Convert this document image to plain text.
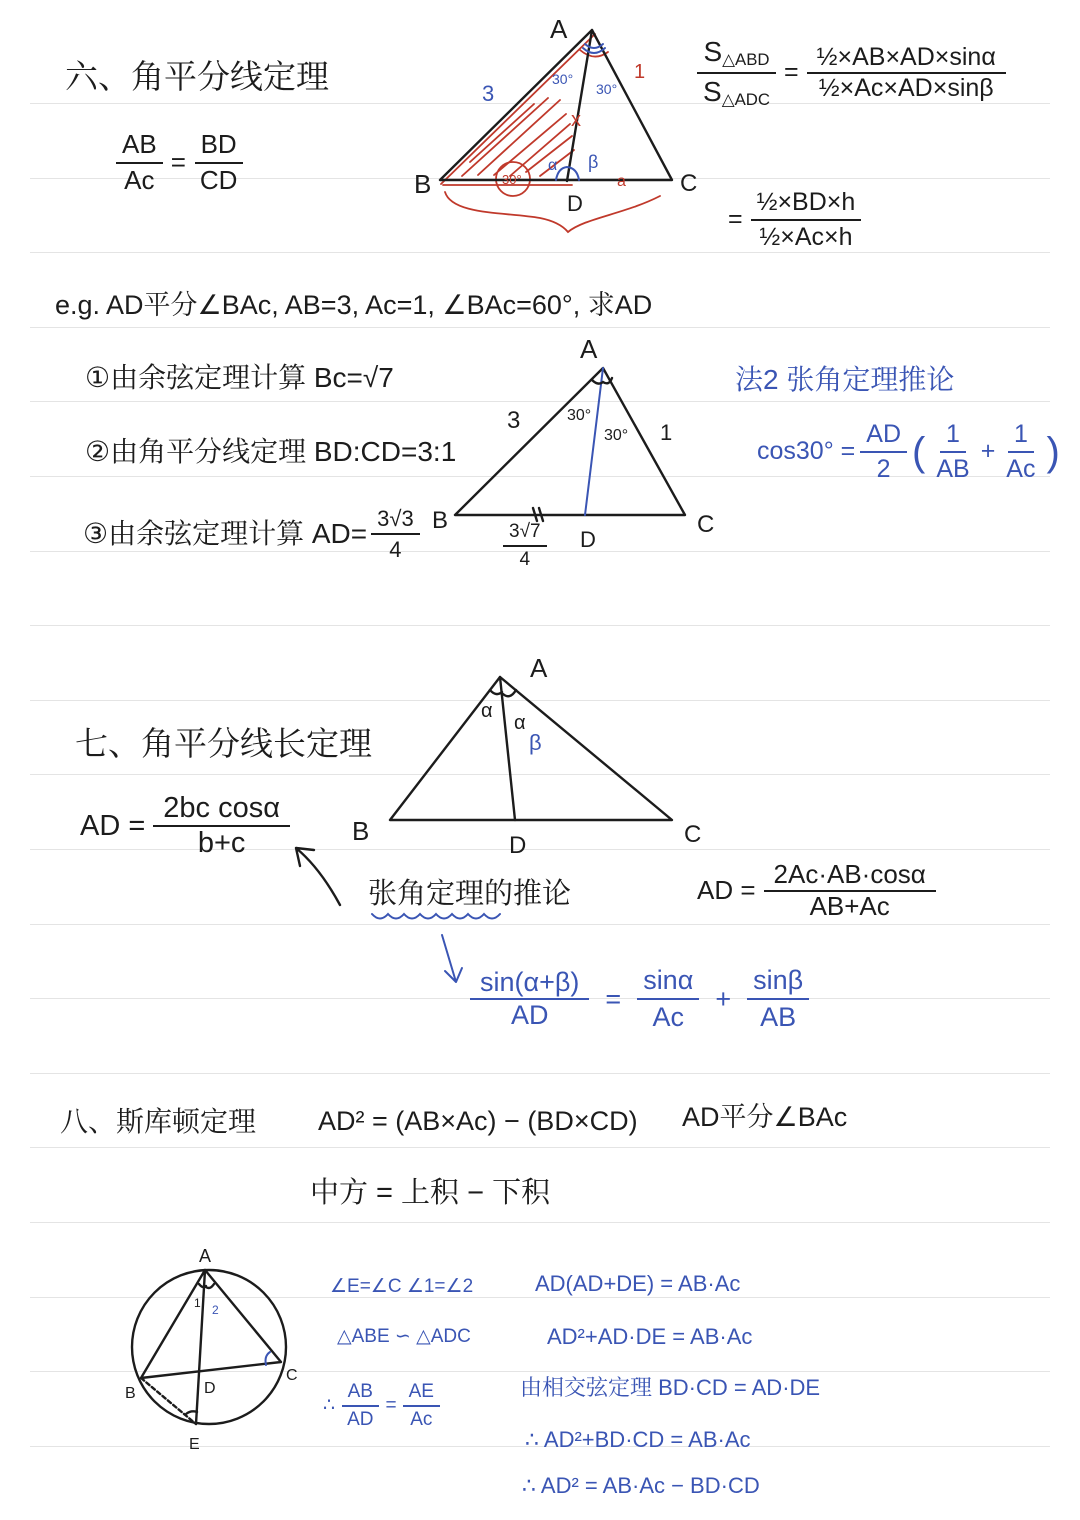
A
B	C
D
3
1
30°
30°
x
α β
30°	a
A
B	C
D
3	1
30°
30°
A
B	C
D
α
α
β
A
B
C
D
E
1 2
六、角平分线定理
$\frac{AB}{Ac} = \frac{BD}{CD}$
$\frac{S_{\triangle ABD}}{S_{\triangle ADC}} = \frac{\text{½×AB×AD×sinα}}{\text{½×Ac×AD×sinβ}}$
= $\frac{\text{½×BD×h}}{\text{½×Ac×h}}$
e.g. AD平分∠BAc, AB=3, Ac=1, ∠BAc=60°, 求AD
①由余弦定理计算 Bc=√7
②由角平分线定理 BD:CD=3:1
③由余弦定理计算 $AD= \frac{3√3}{4}$	$\frac{3√7}{4}$
法2 张角定理推论
$\cos 30^\circ = \frac{AD}{2}$ ( $\frac{1}{AB} + \frac{1}{Ac}$ )
七、角平分线长定理
AD = $\frac{\text{2bc cosα}}{b+c}$
张角定理的推论	AD = $\frac{2Ac\cdot AB\cdot\cos\alpha}{AB+Ac}$
$\frac{\sin(\alpha+\beta)}{AD} = \frac{\sin\alpha}{Ac} + \frac{\sin\beta}{AB}$
八、斯库顿定理 AD² = (AB×Ac) − (BD×CD) AD平分∠BAc
中方 = 上积 − 下积
∠E=∠C ∠1=∠2
△ABE ∽ △ADC
∴ $\frac{AB}{AD} = \frac{AE}{Ac}$
AD(AD+DE) = AB·Ac
AD²+AD·DE = AB·Ac
由相交弦定理 BD·CD = AD·DE
∴ AD²+BD·CD = AB·Ac
∴ AD² = AB·Ac − BD·CD
